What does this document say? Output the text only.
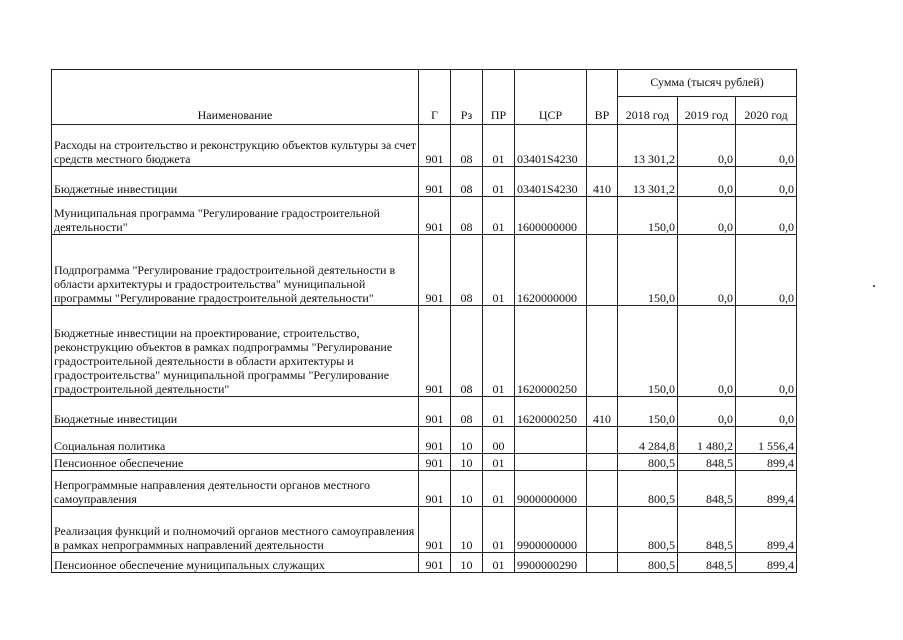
Наименование	Г	Рз	ПР	ЦСР	ВР	Сумма (тысяч рублей)		
						2018 год	2019 год	2020 год
Расходы на строительство и реконструкцию объектов культуры за счет средств местного бюджета	901	08	01	03401S4230		13 301,2	0,0	0,0
Бюджетные инвестиции	901	08	01	03401S4230	410	13 301,2	0,0	0,0
Муниципальная программа "Регулирование градостроительной деятельности"	901	08	01	1600000000		150,0	0,0	0,0
Подпрограмма "Регулирование градостроительной деятельности в области архитектуры и градостроительства" муниципальной программы "Регулирование градостроительной деятельности"	901	08	01	1620000000		150,0	0,0	0,0
Бюджетные инвестиции на проектирование, строительство, реконструкцию объектов в рамках подпрограммы "Регулирование градостроительной деятельности в области архитектуры и градостроительства" муниципальной программы "Регулирование градостроительной деятельности"	901	08	01	1620000250		150,0	0,0	0,0
Бюджетные инвестиции	901	08	01	1620000250	410	150,0	0,0	0,0
Социальная политика	901	10	00			4 284,8	1 480,2	1 556,4
Пенсионное обеспечение	901	10	01			800,5	848,5	899,4
Непрограммные направления деятельности органов местного самоуправления	901	10	01	9000000000		800,5	848,5	899,4
Реализация функций и полномочий органов местного самоуправления в рамках непрограммных направлений деятельности	901	10	01	9900000000		800,5	848,5	899,4
Пенсионное обеспечение муниципальных служащих	901	10	01	9900000290		800,5	848,5	899,4
